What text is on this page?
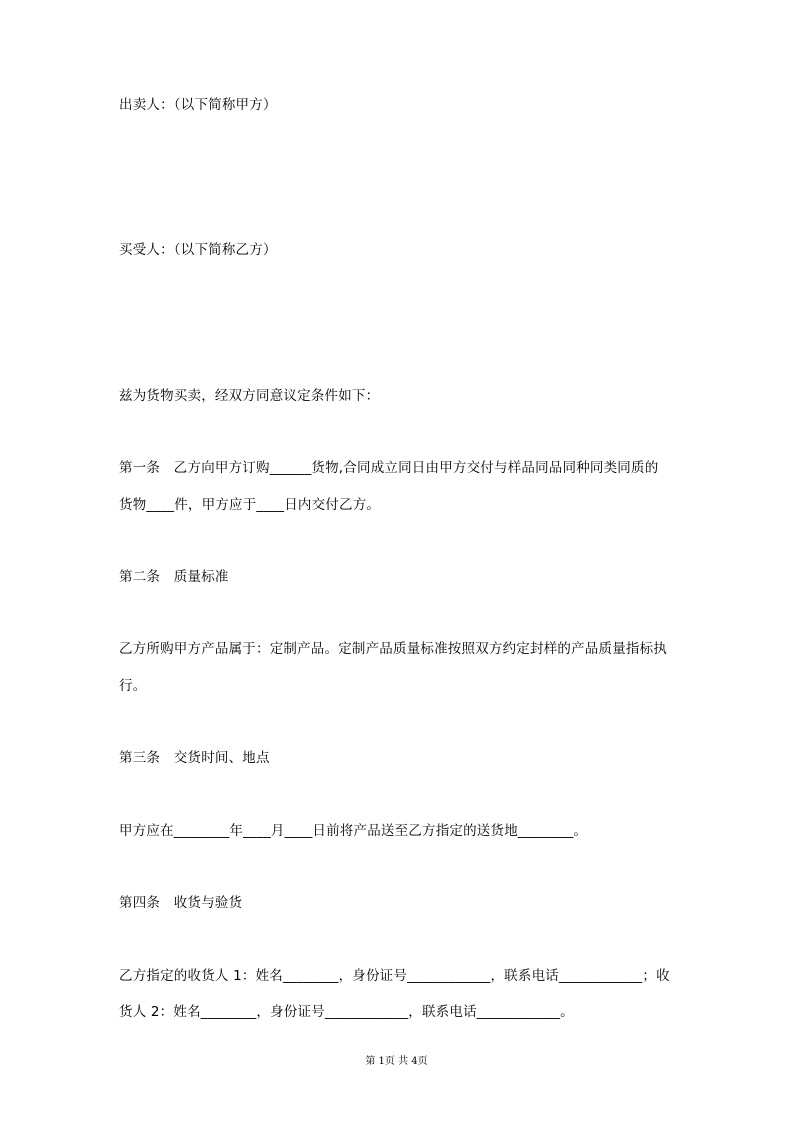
出卖人：（以下简称甲方）
买受人：（以下简称乙方）
兹为货物买卖，经双方同意议定条件如下：
第一条　乙方向甲方订购______货物,合同成立同日由甲方交付与样品同品同种同类同质的
货物____件，甲方应于____日内交付乙方。
第二条　质量标准
乙方所购甲方产品属于：定制产品。定制产品质量标准按照双方约定封样的产品质量指标执
行。
第三条　交货时间、地点
甲方应在________年____月____日前将产品送至乙方指定的送货地________。
第四条　收货与验货
乙方指定的收货人 1：姓名________，身份证号____________，联系电话____________；收
货人 2：姓名________，身份证号____________，联系电话____________。
第 1页 共 4页
